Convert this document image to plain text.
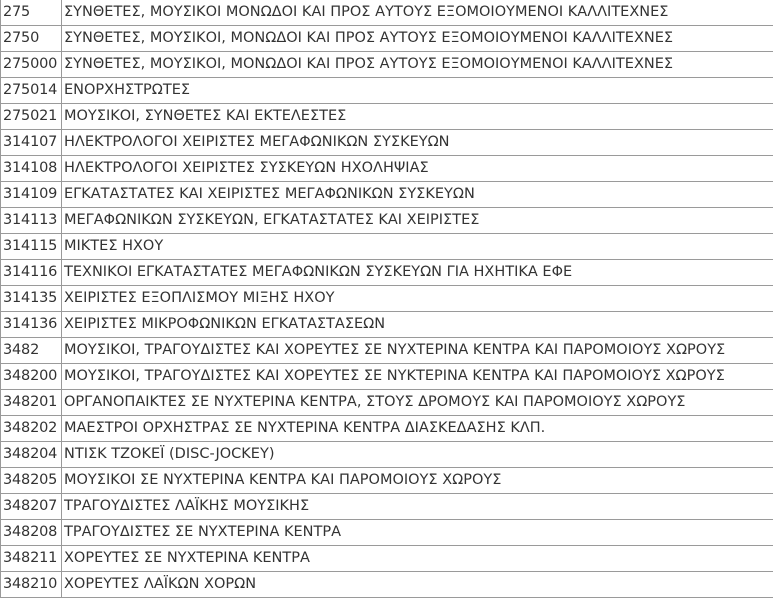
275	ΣΥΝΘΕΤΕΣ, ΜΟΥΣΙΚΟΙ ΜΟΝΩΔΟΙ ΚΑΙ ΠΡΟΣ ΑΥΤΟΥΣ ΕΞΟΜΟΙΟΥΜΕΝΟΙ ΚΑΛΛΙΤΕΧΝΕΣ
2750	ΣΥΝΘΕΤΕΣ, ΜΟΥΣΙΚΟΙ, ΜΟΝΩΔΟΙ ΚΑΙ ΠΡΟΣ ΑΥΤΟΥΣ ΕΞΟΜΟΙΟΥΜΕΝΟΙ ΚΑΛΛΙΤΕΧΝΕΣ
275000	ΣΥΝΘΕΤΕΣ, ΜΟΥΣΙΚΟΙ, ΜΟΝΩΔΟΙ ΚΑΙ ΠΡΟΣ ΑΥΤΟΥΣ ΕΞΟΜΟΙΟΥΜΕΝΟΙ ΚΑΛΛΙΤΕΧΝΕΣ
275014	ΕΝΟΡΧΗΣΤΡΩΤΕΣ
275021	ΜΟΥΣΙΚΟΙ, ΣΥΝΘΕΤΕΣ ΚΑΙ ΕΚΤΕΛΕΣΤΕΣ
314107	ΗΛΕΚΤΡΟΛΟΓΟΙ ΧΕΙΡΙΣΤΕΣ ΜΕΓΑΦΩΝΙΚΩΝ ΣΥΣΚΕΥΩΝ
314108	ΗΛΕΚΤΡΟΛΟΓΟΙ ΧΕΙΡΙΣΤΕΣ ΣΥΣΚΕΥΩΝ ΗΧΟΛΗΨΙΑΣ
314109	ΕΓΚΑΤΑΣΤΑΤΕΣ ΚΑΙ ΧΕΙΡΙΣΤΕΣ ΜΕΓΑΦΩΝΙΚΩΝ ΣΥΣΚΕΥΩΝ
314113	ΜΕΓΑΦΩΝΙΚΩΝ ΣΥΣΚΕΥΩΝ, ΕΓΚΑΤΑΣΤΑΤΕΣ ΚΑΙ ΧΕΙΡΙΣΤΕΣ
314115	ΜΙΚΤΕΣ ΗΧΟΥ
314116	ΤΕΧΝΙΚΟΙ ΕΓΚΑΤΑΣΤΑΤΕΣ ΜΕΓΑΦΩΝΙΚΩΝ ΣΥΣΚΕΥΩΝ ΓΙΑ ΗΧΗΤΙΚΑ ΕΦΕ
314135	ΧΕΙΡΙΣΤΕΣ ΕΞΟΠΛΙΣΜΟΥ ΜΙΞΗΣ ΗΧΟΥ
314136	ΧΕΙΡΙΣΤΕΣ ΜΙΚΡΟΦΩΝΙΚΩΝ ΕΓΚΑΤΑΣΤΑΣΕΩΝ
3482	ΜΟΥΣΙΚΟΙ, ΤΡΑΓΟΥΔΙΣΤΕΣ ΚΑΙ ΧΟΡΕΥΤΕΣ ΣΕ ΝΥΧΤΕΡΙΝΑ ΚΕΝΤΡΑ ΚΑΙ ΠΑΡΟΜΟΙΟΥΣ ΧΩΡΟΥΣ
348200	ΜΟΥΣΙΚΟΙ, ΤΡΑΓΟΥΔΙΣΤΕΣ ΚΑΙ ΧΟΡΕΥΤΕΣ ΣΕ ΝΥΚΤΕΡΙΝΑ ΚΕΝΤΡΑ ΚΑΙ ΠΑΡΟΜΟΙΟΥΣ ΧΩΡΟΥΣ
348201	ΟΡΓΑΝΟΠΑΙΚΤΕΣ ΣΕ ΝΥΧΤΕΡΙΝΑ ΚΕΝΤΡΑ, ΣΤΟΥΣ ΔΡΟΜΟΥΣ ΚΑΙ ΠΑΡΟΜΟΙΟΥΣ ΧΩΡΟΥΣ
348202	ΜΑΕΣΤΡΟΙ ΟΡΧΗΣΤΡΑΣ ΣΕ ΝΥΧΤΕΡΙΝΑ ΚΕΝΤΡΑ ΔΙΑΣΚΕΔΑΣΗΣ ΚΛΠ.
348204	ΝΤΙΣΚ ΤΖΟΚΕΪ (DISC-JOCKEY)
348205	ΜΟΥΣΙΚΟΙ ΣΕ ΝΥΧΤΕΡΙΝΑ ΚΕΝΤΡΑ ΚΑΙ ΠΑΡΟΜΟΙΟΥΣ ΧΩΡΟΥΣ
348207	ΤΡΑΓΟΥΔΙΣΤΕΣ ΛΑΪΚΗΣ ΜΟΥΣΙΚΗΣ
348208	ΤΡΑΓΟΥΔΙΣΤΕΣ ΣΕ ΝΥΧΤΕΡΙΝΑ ΚΕΝΤΡΑ
348211	ΧΟΡΕΥΤΕΣ ΣΕ ΝΥΧΤΕΡΙΝΑ ΚΕΝΤΡΑ
348210	ΧΟΡΕΥΤΕΣ ΛΑΪΚΩΝ ΧΟΡΩΝ
